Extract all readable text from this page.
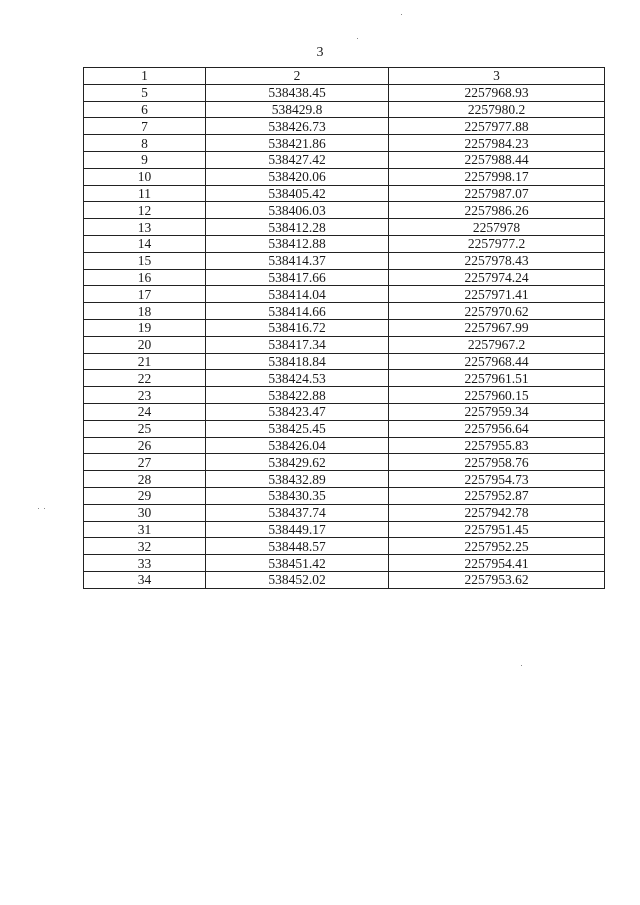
3
1	2	3
5	538438.45	2257968.93
6	538429.8	2257980.2
7	538426.73	2257977.88
8	538421.86	2257984.23
9	538427.42	2257988.44
10	538420.06	2257998.17
11	538405.42	2257987.07
12	538406.03	2257986.26
13	538412.28	2257978
14	538412.88	2257977.2
15	538414.37	2257978.43
16	538417.66	2257974.24
17	538414.04	2257971.41
18	538414.66	2257970.62
19	538416.72	2257967.99
20	538417.34	2257967.2
21	538418.84	2257968.44
22	538424.53	2257961.51
23	538422.88	2257960.15
24	538423.47	2257959.34
25	538425.45	2257956.64
26	538426.04	2257955.83
27	538429.62	2257958.76
28	538432.89	2257954.73
29	538430.35	2257952.87
30	538437.74	2257942.78
31	538449.17	2257951.45
32	538448.57	2257952.25
33	538451.42	2257954.41
34	538452.02	2257953.62
